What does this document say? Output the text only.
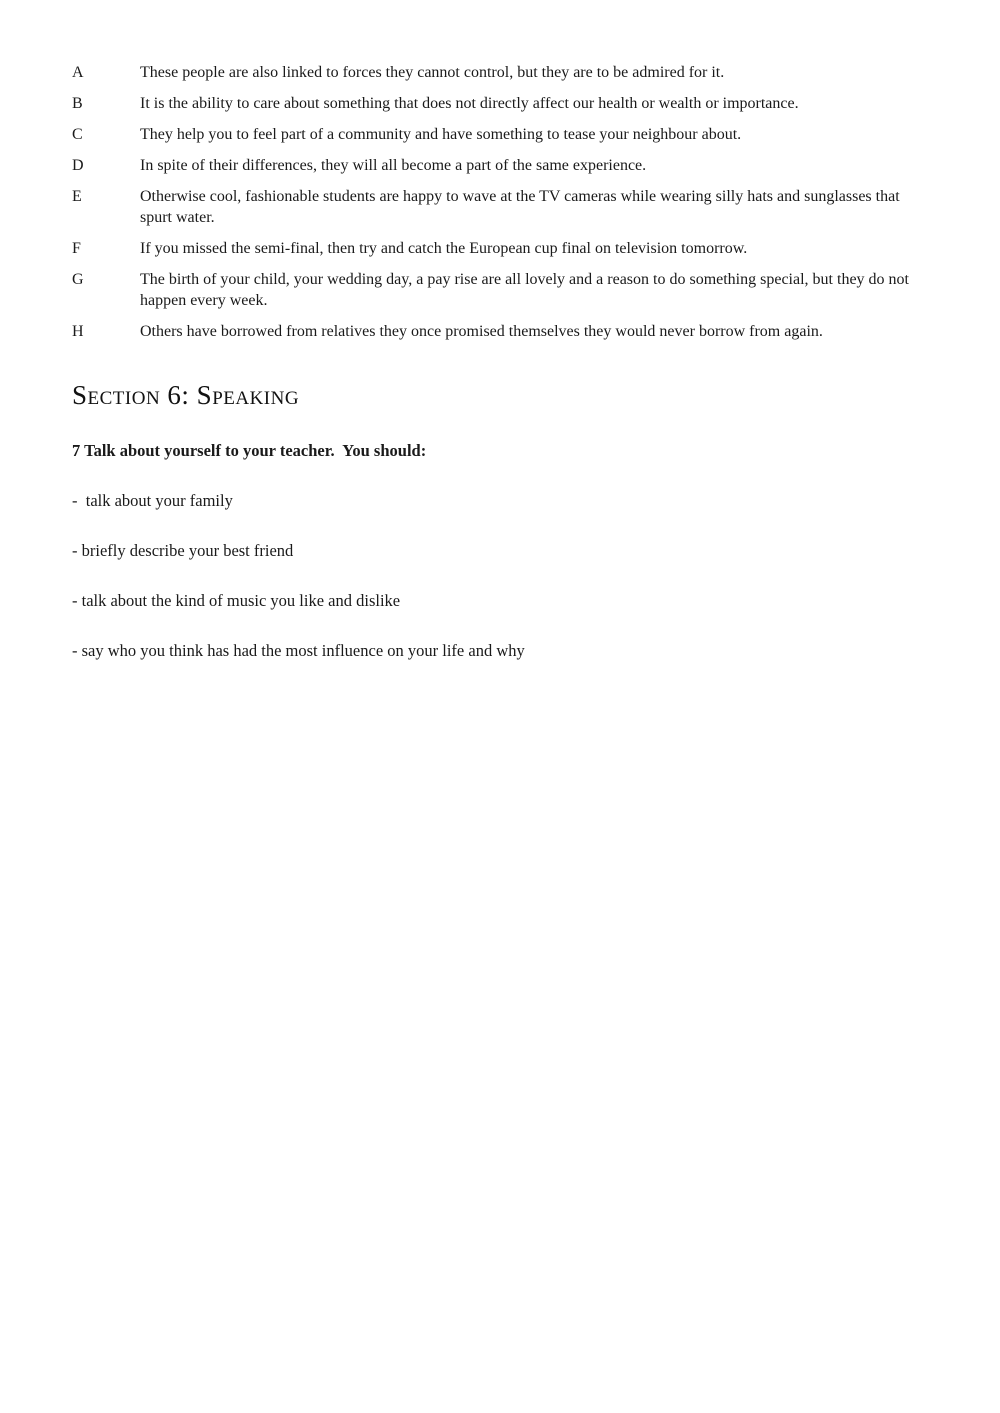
A	These people are also linked to forces they cannot control, but they are to be admired for it.
B	It is the ability to care about something that does not directly affect our health or wealth or importance.
C	They help you to feel part of a community and have something to tease your neighbour about.
D	In spite of their differences, they will all become a part of the same experience.
E	Otherwise cool, fashionable students are happy to wave at the TV cameras while wearing silly hats and sunglasses that spurt water.
F	If you missed the semi-final, then try and catch the European cup final on television tomorrow.
G	The birth of your child, your wedding day, a pay rise are all lovely and a reason to do something special, but they do not happen every week.
H	Others have borrowed from relatives they once promised themselves they would never borrow from again.
Section 6: Speaking

7 Talk about yourself to your teacher.  You should:

-  talk about your family

- briefly describe your best friend

- talk about the kind of music you like and dislike

- say who you think has had the most influence on your life and why
